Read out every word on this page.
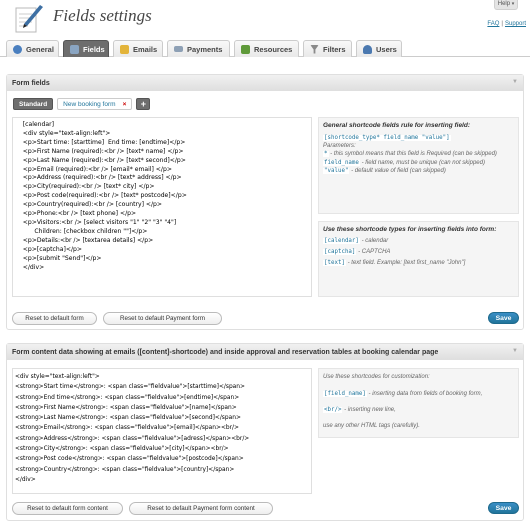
Fields settings
Help ▾
FAQ | Support
General	Fields	Emails	Payments	Resources	Filters	Users
Form fields	▼
Standard	New booking form ×	+
[calendar]
<div style="text-align:left">
<p>Start time: [starttime]  End time: [endtime]</p>
<p>First Name (required):<br /> [text* name] </p>
<p>Last Name (required):<br /> [text* second]</p>
<p>Email (required):<br /> [email* email] </p>
<p>Address (required):<br /> [text* address] </p>
<p>City(required):<br /> [text* city] </p>
<p>Post code(required):<br /> [text* postcode]</p>
<p>Country(required):<br /> [country] </p>
<p>Phone:<br /> [text phone] </p>
<p>Visitors:<br /> [select visitors "1" "2" "3" "4"]
Children: [checkbox children ""]</p>
<p>Details:<br /> [textarea details] </p>
<p>[captcha]</p>
<p>[submit "Send"]</p>
</div>
General shortcode fields rule for inserting field:
[shortcode_type* field_name "value"]
Parameters:
* - this symbol means that this field is Required (can be skipped)
field_name - field name, must be unique (can not skipped)
"value" - default value of field (can skipped)
Use these shortcode types for inserting fields into form:
[calendar] - calendar
[captcha] - CAPTCHA
[text] - text field. Example: [text first_name "John"]
Reset to default form	Reset to default Payment form	Save
Form content data showing at emails ([content]-shortcode) and inside approval and reservation tables at booking calendar page	▼
<div style="text-align:left">
<strong>Start time</strong>: <span class="fieldvalue">[starttime]</span>
<strong>End time</strong>: <span class="fieldvalue">[endtime]</span>
<strong>First Name</strong>: <span class="fieldvalue">[name]</span>
<strong>Last Name</strong>: <span class="fieldvalue">[second]</span>
<strong>Email</strong>: <span class="fieldvalue">[email]</span><br/>
<strong>Address</strong>: <span class="fieldvalue">[adress]</span><br/>
<strong>City</strong>: <span class="fieldvalue">[city]</span><br/>
<strong>Post code</strong>: <span class="fieldvalue">[postcode]</span>
<strong>Country</strong>: <span class="fieldvalue">[country]</span>
</div>
Use these shortcodes for customization:
[field_name] - inserting data from fields of booking form,
<br/> - inserting new line,
use any other HTML tags (carefully).
Reset to default form content	Reset to default Payment form content	Save
